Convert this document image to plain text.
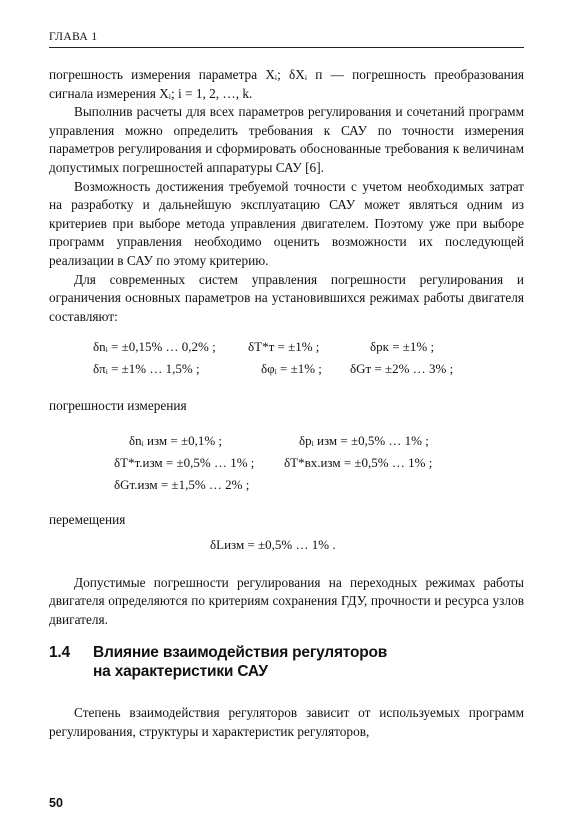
ГЛАВА 1

погрешность измерения параметра Xᵢ; δXᵢ п — погрешность преобразования сигнала измерения Xᵢ; i = 1, 2, …, k.

Выполнив расчеты для всех параметров регулирования и сочетаний программ управления можно определить требования к САУ по точности измерения параметров регулирования и сформировать обоснованные требования к величинам допустимых погрешностей аппаратуры САУ [6].

Возможность достижения требуемой точности с учетом необходимых затрат на разработку и дальнейшую эксплуатацию САУ может являться одним из критериев при выборе метода управления двигателем. Поэтому уже при выборе программ управления необходимо оценить возможности их последующей реализации в САУ по этому критерию.

Для современных систем управления погрешности регулирования и ограничения основных параметров на установившихся режимах работы двигателя составляют:

δnᵢ = ±0,15% … 0,2% ; δT*т = ±1% ;	δpк = ±1% ;
δπᵢ = ±1% … 1,5% ;	δφᵢ = ±1% ; δGт = ±2% … 3% ;

погрешности измерения

δnᵢ изм = ±0,1% ;	δpᵢ изм = ±0,5% … 1% ;
δT*т.изм = ±0,5% … 1% ; δT*вх.изм = ±0,5% … 1% ;
δGт.изм = ±1,5% … 2% ;

перемещения

δLизм = ±0,5% … 1% .

Допустимые погрешности регулирования на переходных режимах работы двигателя определяются по критериям сохранения ГДУ, прочности и ресурса узлов двигателя.

1.4 Влияние взаимодействия регуляторов
на характеристики САУ

Степень взаимодействия регуляторов зависит от используемых программ регулирования, структуры и характеристик регуляторов,

50
